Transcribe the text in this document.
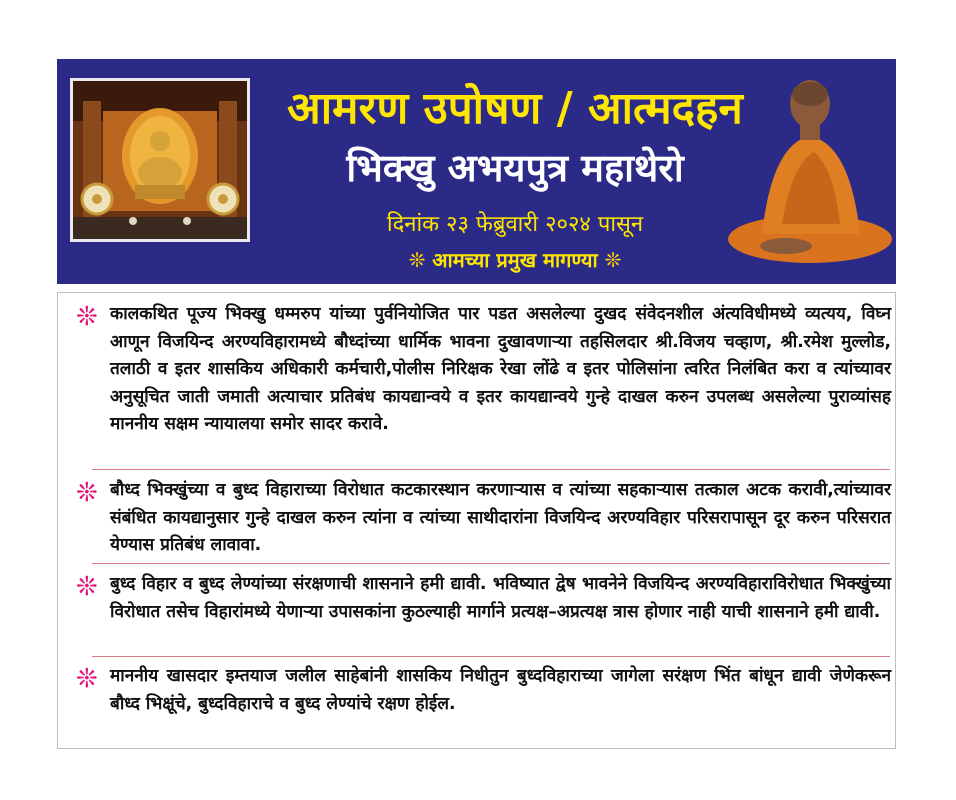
आमरण उपोषण / आत्मदहन
भिक्खु अभयपुत्र महाथेरो
दिनांक २३ फेब्रुवारी २०२४ पासून
❊ आमच्या प्रमुख मागण्या ❊
❊ कालकथित पूज्य भिक्खु धम्मरुप यांच्या पुर्वनियोजित पार पडत असलेल्या दुखद संवेदनशील अंत्यविधीमध्ये व्यत्यय, विघ्न आणून विजयिन्द अरण्यविहारामध्ये बौध्दांच्या धार्मिक भावना दुखावणाऱ्या तहसिलदार श्री.विजय चव्हाण, श्री.रमेश मुल्लोड, तलाठी व इतर शासकिय अधिकारी कर्मचारी,पोलीस निरिक्षक रेखा लोंढे व इतर पोलिसांना त्वरित निलंबित करा व त्यांच्यावर अनुसूचित जाती जमाती अत्याचार प्रतिबंध कायद्यान्वये व इतर कायद्यान्वये गुन्हे दाखल करुन उपलब्ध असलेल्या पुराव्यांसह माननीय सक्षम न्यायालया समोर सादर करावे.
❊ बौध्द भिक्खुंच्या व बुध्द विहाराच्या विरोधात कटकारस्थान करणाऱ्यास व त्यांच्या सहकाऱ्यास तत्काल अटक करावी,त्यांच्यावर संबंधित कायद्यानुसार गुन्हे दाखल करुन त्यांना व त्यांच्या साथीदारांना विजयिन्द अरण्यविहार परिसरापासून दूर करुन परिसरात येण्यास प्रतिबंध लावावा.
❊ बुध्द विहार व बुध्द लेण्यांच्या संरक्षणाची शासनाने हमी द्यावी. भविष्यात द्वेष भावनेने विजयिन्द अरण्यविहाराविरोधात भिक्खुंच्या विरोधात तसेच विहारांमध्ये येणाऱ्या उपासकांना कुठल्याही मार्गाने प्रत्यक्ष–अप्रत्यक्ष त्रास होणार नाही याची शासनाने हमी द्यावी.
❊ माननीय खासदार इम्तयाज जलील साहेबांनी शासकिय निधीतुन बुध्दविहाराच्या जागेला सरंक्षण भिंत बांधून द्यावी जेणेकरून बौध्द भिक्षूंचे, बुध्दविहाराचे व बुध्द लेण्यांचे रक्षण होईल.
